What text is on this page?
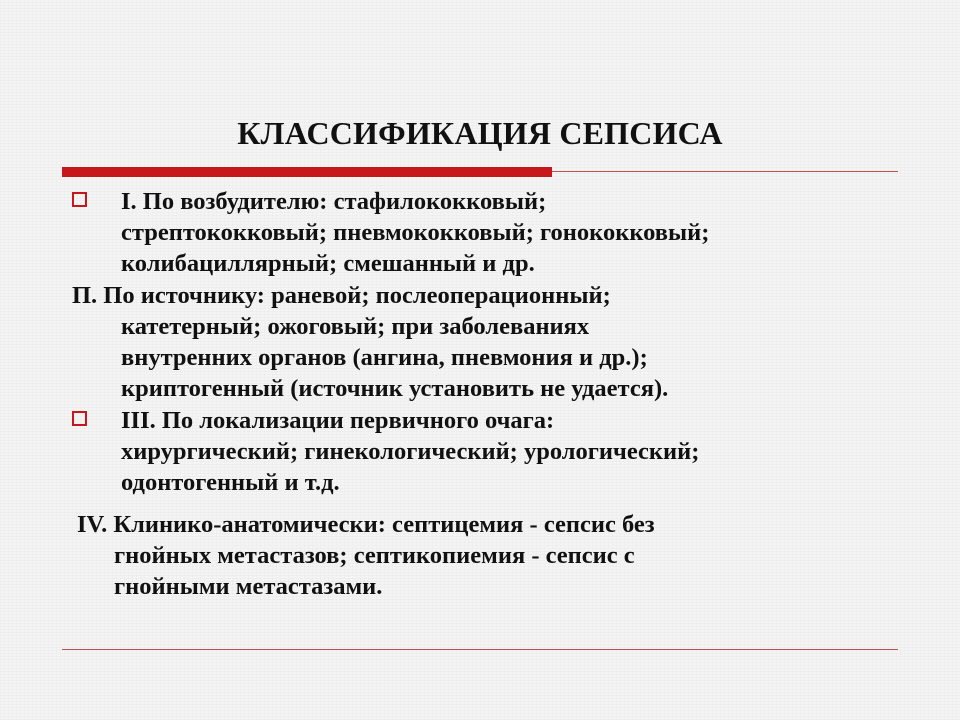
КЛАССИФИКАЦИЯ СЕПСИСА
I. По возбудителю: стафилококковый;
стрептококковый; пневмококковый; гонококковый;
колибациллярный; смешанный и др.
П. По источнику: раневой; послеоперационный;
катетерный; ожоговый; при заболеваниях
внутренних органов (ангина, пневмония и др.);
криптогенный (источник установить не удается).
III. По локализации первичного очага:
хирургический; гинекологический; урологический;
одонтогенный и т.д.
IV. Клинико-анатомически: септицемия - сепсис без
гнойных метастазов; септикопиемия - сепсис с
гнойными метастазами.
